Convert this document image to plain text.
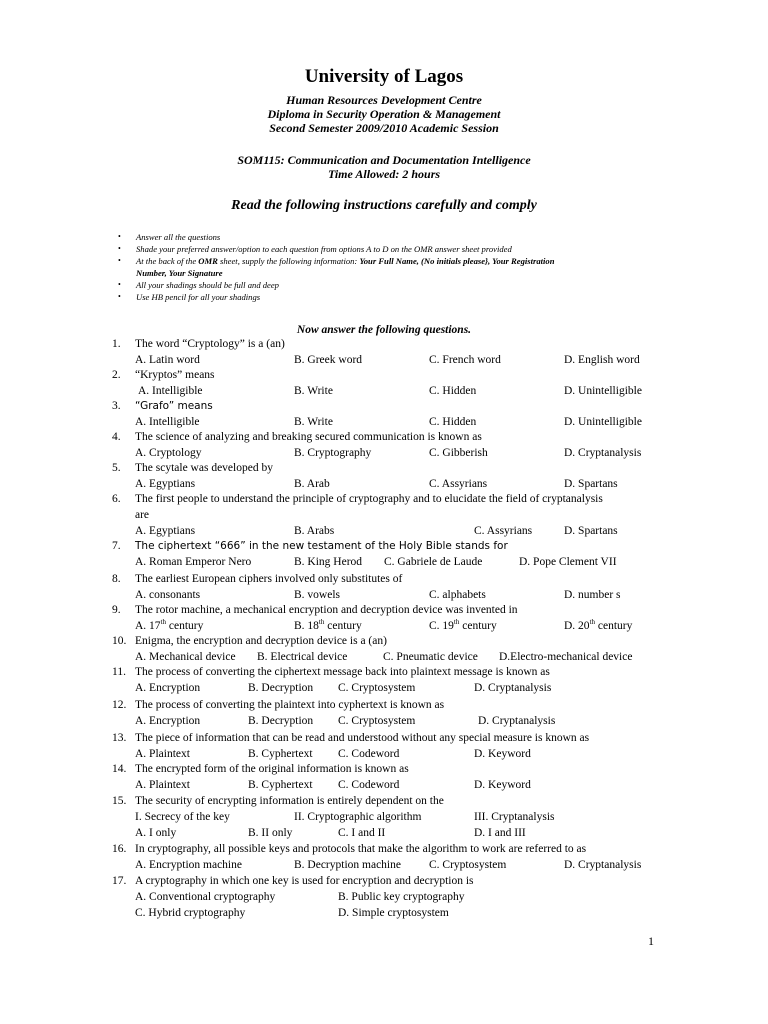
University of Lagos
Human Resources Development Centre
Diploma in Security Operation & Management
Second Semester 2009/2010 Academic Session
SOM115: Communication and Documentation Intelligence
Time Allowed: 2 hours
Read the following instructions carefully and comply
• Answer all the questions
• Shade your preferred answer/option to each question from options A to D on the OMR answer sheet provided
• At the back of the OMR sheet, supply the following information: Your Full Name, (No initials please}, Your Registration
Number, Your Signature
• All your shadings should be full and deep
• Use HB pencil for all your shadings
Now answer the following questions.
1.	The word “Cryptology” is a (an)
A. Latin word	B. Greek word	C. French word	D. English word
2.	“Kryptos” means
A. Intelligible	B. Write	C. Hidden	D. Unintelligible
3.	“Grafo” means
A. Intelligible	B. Write	C. Hidden	D. Unintelligible
4.	The science of analyzing and breaking secured communication is known as
A. Cryptology	B. Cryptography	C. Gibberish	D. Cryptanalysis
5.	The scytale was developed by
A. Egyptians	B. Arab	C. Assyrians	D. Spartans
6.	The first people to understand the principle of cryptography and to elucidate the field of cryptanalysis
are
A. Egyptians	B. Arabs	C. Assyrians	D. Spartans
7.	The ciphertext “666” in the new testament of the Holy Bible stands for
A. Roman Emperor Nero	B. King Herod C. Gabriele de Laude	D. Pope Clement VII
8.	The earliest European ciphers involved only substitutes of
A. consonants	B. vowels	C. alphabets	D. number s
9.	The rotor machine, a mechanical encryption and decryption device was invented in
A. 17th century	B. 18th century	C. 19th century	D. 20th century
10. Enigma, the encryption and decryption device is a (an)
A. Mechanical device B. Electrical device	C. Pneumatic device D.Electro-mechanical device
11. The process of converting the ciphertext message back into plaintext message is known as
A. Encryption	B. Decryption C. Cryptosystem	D. Cryptanalysis
12. The process of converting the plaintext into cyphertext is known as
A. Encryption	B. Decryption C. Cryptosystem	D. Cryptanalysis
13. The piece of information that can be read and understood without any special measure is known as
A. Plaintext	B. Cyphertext C. Codeword	D. Keyword
14. The encrypted form of the original information is known as
A. Plaintext	B. Cyphertext C. Codeword	D. Keyword
15. The security of encrypting information is entirely dependent on the
I. Secrecy of the key	II. Cryptographic algorithm	III. Cryptanalysis
A. I only	B. II only	C. I and II	D. I and III
16. In cryptography, all possible keys and protocols that make the algorithm to work are referred to as
A. Encryption machine	B. Decryption machine C. Cryptosystem	D. Cryptanalysis
17. A cryptography in which one key is used for encryption and decryption is
A. Conventional cryptography	B. Public key cryptography
C. Hybrid cryptography	D. Simple cryptosystem
1
